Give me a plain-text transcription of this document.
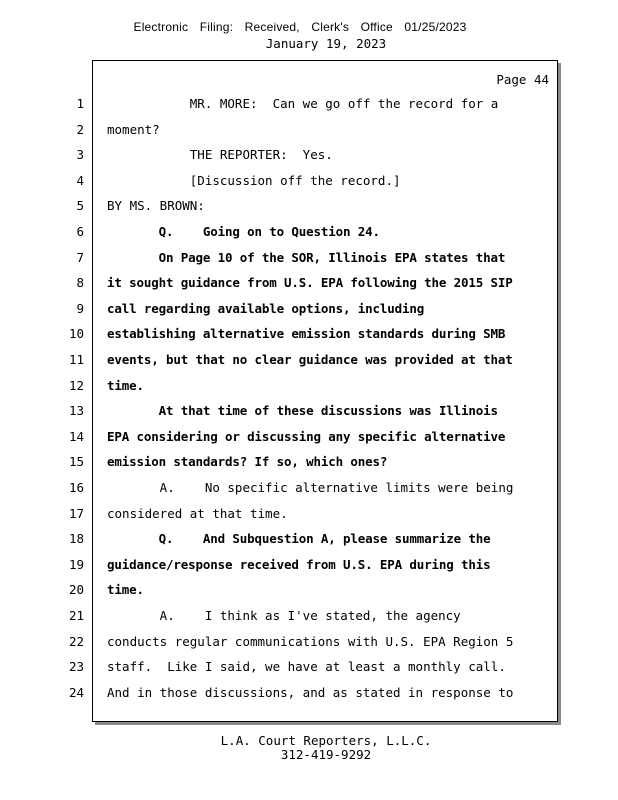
Electronic Filing: Received, Clerk's Office 01/25/2023
January 19, 2023
Page 44
1 MR. MORE:  Can we go off the record for a
2 moment?
3 THE REPORTER:  Yes.
4 [Discussion off the record.]
5 BY MS. BROWN:
6 Q.    Going on to Question 24.
7 On Page 10 of the SOR, Illinois EPA states that
8 it sought guidance from U.S. EPA following the 2015 SIP
9 call regarding available options, including
10 establishing alternative emission standards during SMB
11 events, but that no clear guidance was provided at that
12 time.
13 At that time of these discussions was Illinois
14 EPA considering or discussing any specific alternative
15 emission standards? If so, which ones?
16 A.    No specific alternative limits were being
17 considered at that time.
18 Q.    And Subquestion A, please summarize the
19 guidance/response received from U.S. EPA during this
20 time.
21 A.    I think as I've stated, the agency
22 conducts regular communications with U.S. EPA Region 5
23 staff.  Like I said, we have at least a monthly call.
24 And in those discussions, and as stated in response to
L.A. Court Reporters, L.L.C.
312-419-9292
